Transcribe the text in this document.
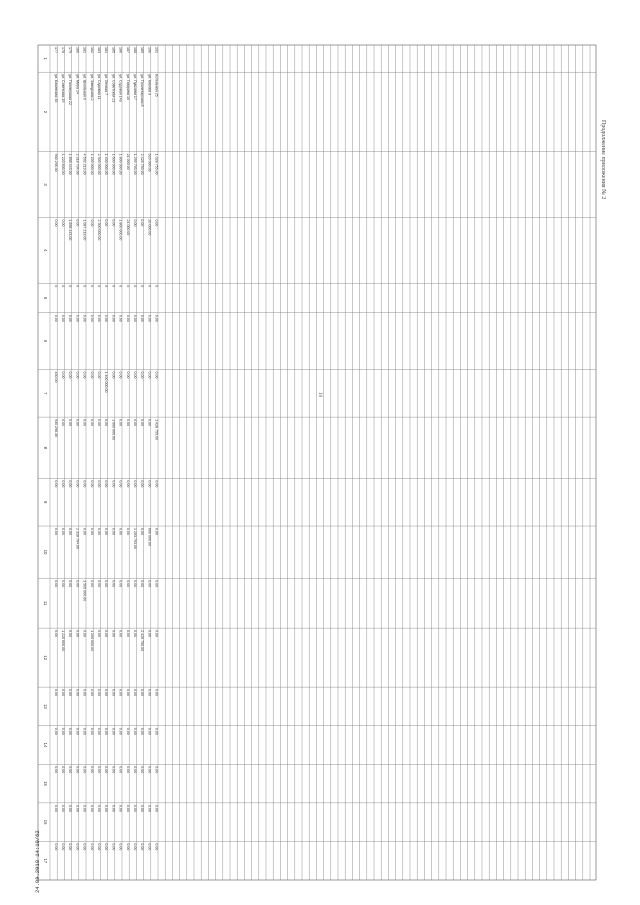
1
2
3
4
5
6
7
8
9
10
11
12
13
14
15
16
17
177
ул. Бакинская 35
930 298,30
0,00
0
0,00
450,00
930 298,30
0,00
0,00
0,00
0,00
0,00
0,00
0,00
0,00
0,00
178
ул. Советская 19
1 220 600,00
0,00
0
0,00
0,00
0,00
0,00
0,00
0,00
1 220 600,00
0,00
0,00
0,00
0,00
0,00
179
ул. Пионерская 22
1 898 443,00
1 898 443,00
0
0,00
0,00
0,00
0,00
0,00
0,00
0,00
0,00
0,00
0,00
0,00
0,00
180
ул. Мира 14
2 318 704,00
0,00
0
0,00
0,00
0,00
0,00
2 318 704,00
0,00
0,00
0,00
0,00
0,00
0,00
0,00
181
ул. Школьная 9
4 592 213,00
1 087 213,00
0
0,00
0,00
0,00
0,00
0,00
3 505 000,00
0,00
0,00
0,00
0,00
0,00
0,00
182
ул. Заводская 2
1 200 000,00
0,00
0
0,00
0,00
0,00
0,00
0,00
0,00
1 200 000,00
0,00
0,00
0,00
0,00
0,00
183
ул. Садовая 11
2 300 000,00
2 300 000,00
0
0,00
0,00
0,00
0,00
0,00
0,00
0,00
0,00
0,00
0,00
0,00
0,00
184
ул. Лесная 7
1 400 000,00
0,00
0
0,00
1 400 000,00
0,00
0,00
0,00
0,00
0,00
0,00
0,00
0,00
0,00
0,00
185
ул. Советская 21
1 600 000,00
0,00
0
0,00
0,00
1 600 000,00
0,00
0,00
0,00
0,00
0,00
0,00
0,00
0,00
0,00
186
ул. Садовая 14а
1 800 000,00
1 800 000,00
0
0,00
0,00
0,00
0,00
0,00
0,00
0,00
0,00
0,00
0,00
0,00
0,00
187
ул. Гагарина 10
21 000,00
21 000,00
0
0,00
0,00
0,00
0,00
0,00
0,00
0,00
0,00
0,00
0,00
0,00
0,00
188
ул. Пушкина 17
1 293 793,00
0,00
0
0,00
0,00
0,00
0,00
1 293 793,00
0,00
0,00
0,00
0,00
0,00
0,00
0,00
189
ул. Пролетарская 8
2 426 750,00
0,00
0
0,00
0,00
0,00
0,00
0,00
0,00
2 426 750,00
0,00
0,00
0,00
0,00
0,00
190
ул. Кирова 3
620 000,00
20 000,00
0
0,00
0,00
0,00
0,00
600 000,00
0,00
0,00
0,00
0,00
0,00
0,00
0,00
191
Котельная 25
1 028 755,00
0,00
0
0,00
0,00
1 028 755,00
0,00
0,00
0,00
0,00
0,00
0,00
0,00
0,00
0,00
Продолжение приложения № 2
10
24.09.2018 14:10/62
